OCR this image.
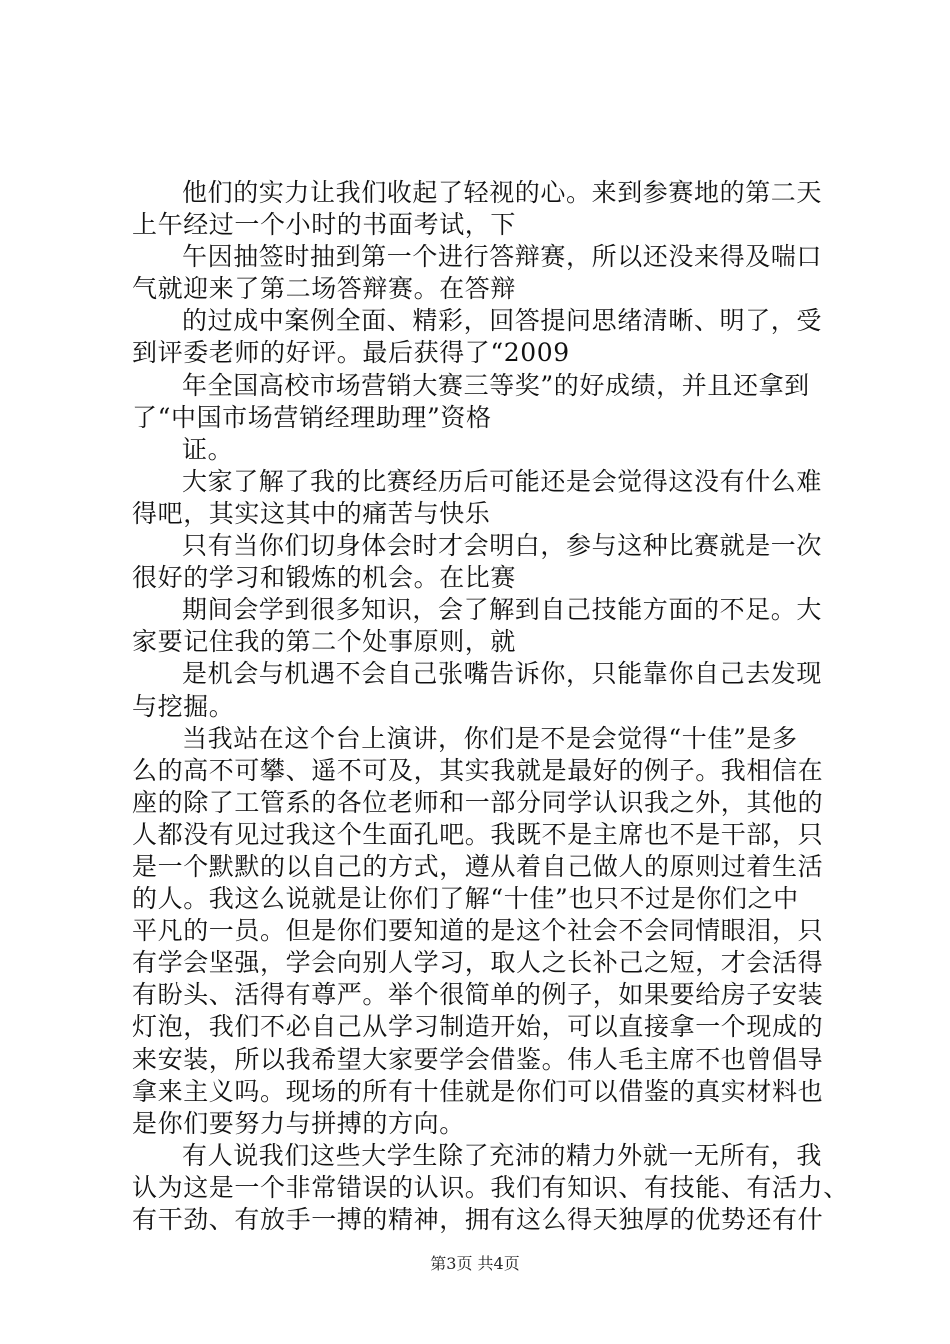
他们的实力让我们收起了轻视的心。来到参赛地的第二天
上午经过一个小时的书面考试，下
午因抽签时抽到第一个进行答辩赛，所以还没来得及喘口
气就迎来了第二场答辩赛。在答辩
的过成中案例全面、精彩，回答提问思绪清晰、明了，受
到评委老师的好评。最后获得了“2009
年全国高校市场营销大赛三等奖”的好成绩，并且还拿到
了“中国市场营销经理助理”资格
证。
大家了解了我的比赛经历后可能还是会觉得这没有什么难
得吧，其实这其中的痛苦与快乐
只有当你们切身体会时才会明白，参与这种比赛就是一次
很好的学习和锻炼的机会。在比赛
期间会学到很多知识，会了解到自己技能方面的不足。大
家要记住我的第二个处事原则，就
是机会与机遇不会自己张嘴告诉你，只能靠你自己去发现
与挖掘。
当我站在这个台上演讲，你们是不是会觉得“十佳”是多
么的高不可攀、遥不可及，其实我就是最好的例子。我相信在
座的除了工管系的各位老师和一部分同学认识我之外，其他的
人都没有见过我这个生面孔吧。我既不是主席也不是干部，只
是一个默默的以自己的方式，遵从着自己做人的原则过着生活
的人。我这么说就是让你们了解“十佳”也只不过是你们之中
平凡的一员。但是你们要知道的是这个社会不会同情眼泪，只
有学会坚强，学会向别人学习，取人之长补己之短，才会活得
有盼头、活得有尊严。举个很简单的例子，如果要给房子安装
灯泡，我们不必自己从学习制造开始，可以直接拿一个现成的
来安装，所以我希望大家要学会借鉴。伟人毛主席不也曾倡导
拿来主义吗。现场的所有十佳就是你们可以借鉴的真实材料也
是你们要努力与拼搏的方向。
有人说我们这些大学生除了充沛的精力外就一无所有，我
认为这是一个非常错误的认识。我们有知识、有技能、有活力、
有干劲、有放手一搏的精神，拥有这么得天独厚的优势还有什
第3页 共4页
